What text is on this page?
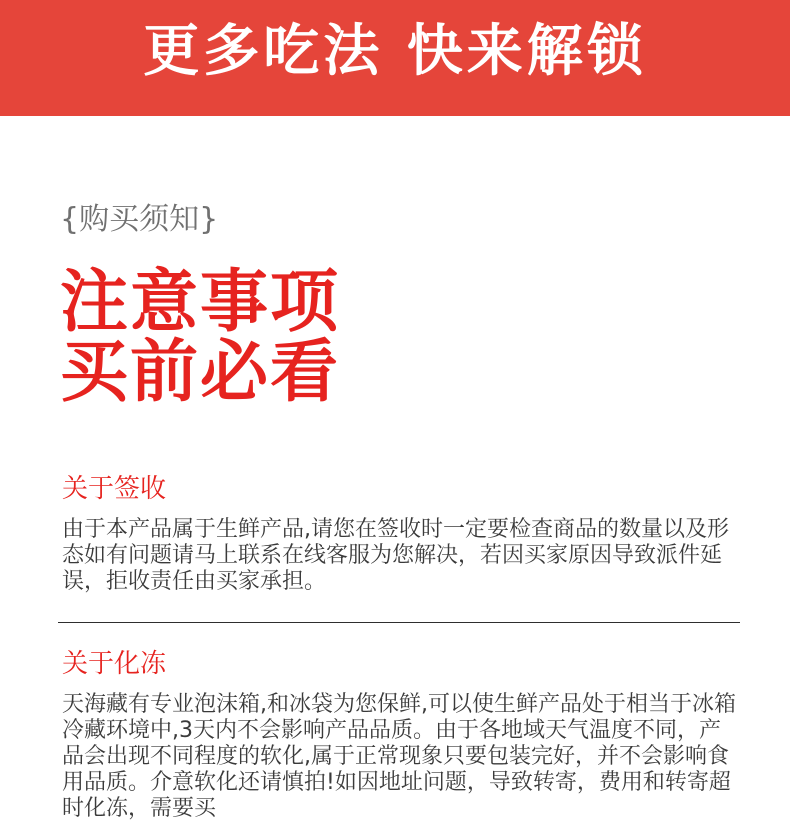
更多吃法 快来解锁
{购买须知}
注意事项
买前必看
关于签收

由于本产品属于生鲜产品,请您在签收时一定要检查商品的数量以及形态如有问题请马上联系在线客服为您解决，若因买家原因导致派件延误，拒收责任由买家承担。

关于化冻

天海藏有专业泡沫箱,和冰袋为您保鲜,可以使生鲜产品处于相当于冰箱冷藏环境中,3天内不会影响产品品质。由于各地域天气温度不同，产品会出现不同程度的软化,属于正常现象只要包装完好，并不会影响食用品质。介意软化还请慎拍!如因地址问题，导致转寄，费用和转寄超时化冻，需要买
